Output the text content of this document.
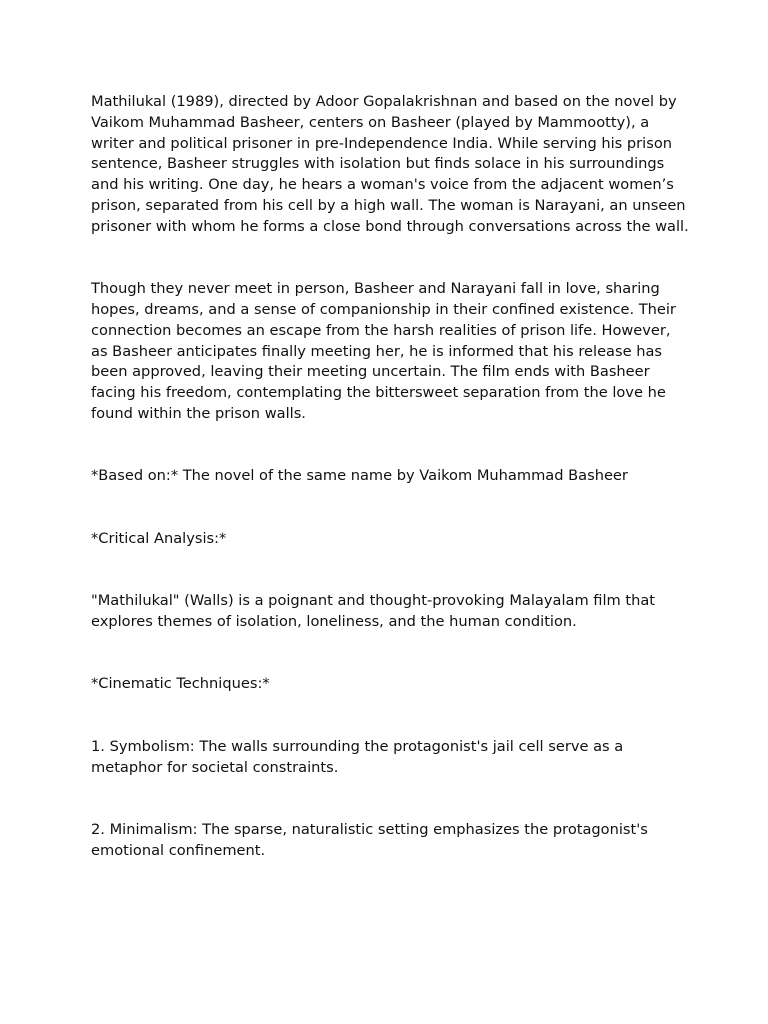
Mathilukal (1989), directed by Adoor Gopalakrishnan and based on the novel by Vaikom Muhammad Basheer, centers on Basheer (played by Mammootty), a writer and political prisoner in pre-Independence India. While serving his prison sentence, Basheer struggles with isolation but finds solace in his surroundings and his writing. One day, he hears a woman's voice from the adjacent women’s prison, separated from his cell by a high wall. The woman is Narayani, an unseen prisoner with whom he forms a close bond through conversations across the wall.

Though they never meet in person, Basheer and Narayani fall in love, sharing hopes, dreams, and a sense of companionship in their confined existence. Their connection becomes an escape from the harsh realities of prison life. However, as Basheer anticipates finally meeting her, he is informed that his release has been approved, leaving their meeting uncertain. The film ends with Basheer facing his freedom, contemplating the bittersweet separation from the love he found within the prison walls.

*Based on:* The novel of the same name by Vaikom Muhammad Basheer

*Critical Analysis:*

"Mathilukal" (Walls) is a poignant and thought-provoking Malayalam film that explores themes of isolation, loneliness, and the human condition.

*Cinematic Techniques:*

1. Symbolism: The walls surrounding the protagonist's jail cell serve as a metaphor for societal constraints.

2. Minimalism: The sparse, naturalistic setting emphasizes the protagonist's emotional confinement.
